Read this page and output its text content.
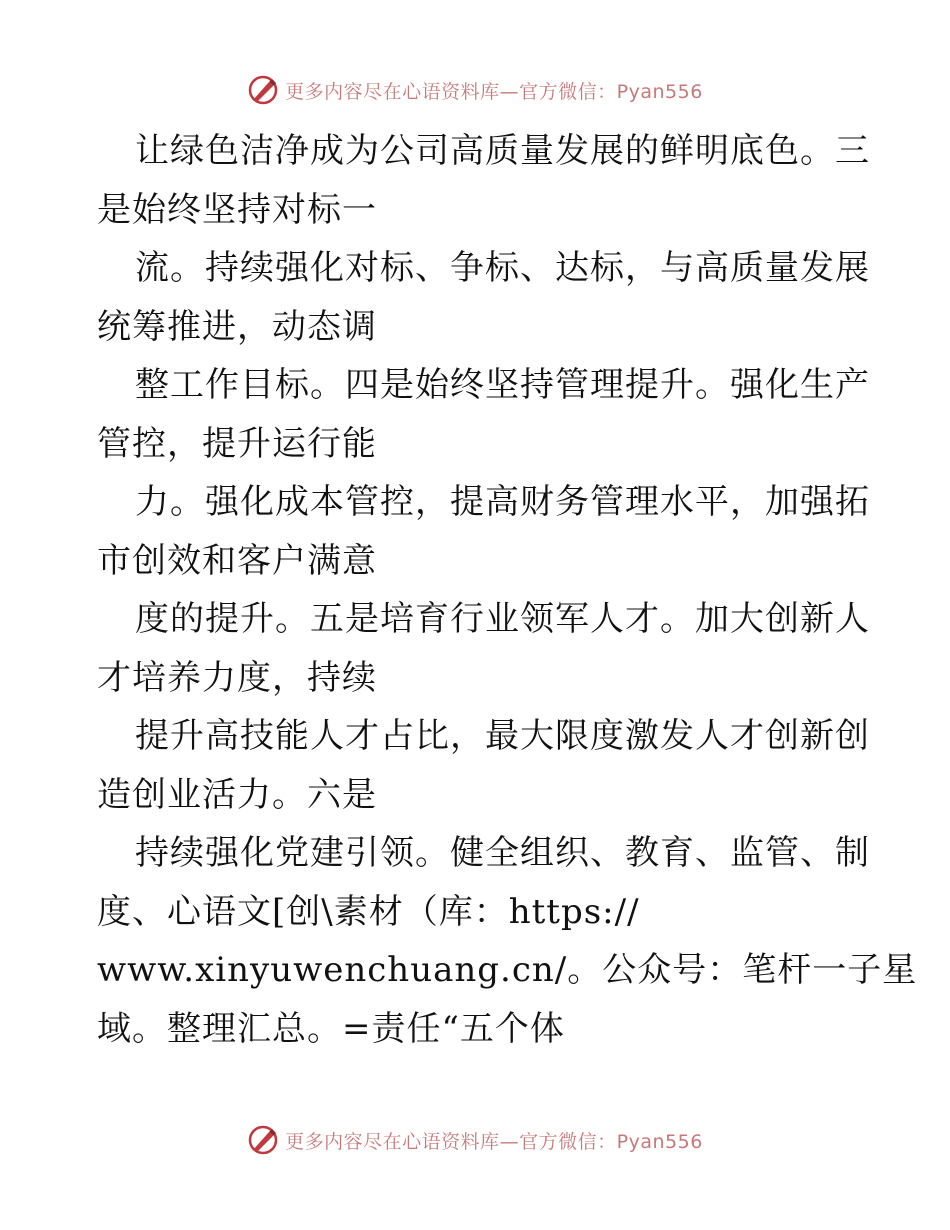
更多内容尽在心语资料库—官方微信：Pyan556
让绿色洁净成为公司高质量发展的鲜明底色。三
是始终坚持对标一
流。持续强化对标、争标、达标，与高质量发展
统筹推进，动态调
整工作目标。四是始终坚持管理提升。强化生产
管控，提升运行能
力。强化成本管控，提高财务管理水平，加强拓
市创效和客户满意
度的提升。五是培育行业领军人才。加大创新人
才培养力度，持续
提升高技能人才占比，最大限度激发人才创新创
造创业活力。六是
持续强化党建引领。健全组织、教育、监管、制
度、心语文[创\素材（库：https://
www.xinyuwenchuang.cn/。公众号：笔杆一子星
域。整理汇总。=责任“五个体
更多内容尽在心语资料库—官方微信：Pyan556
